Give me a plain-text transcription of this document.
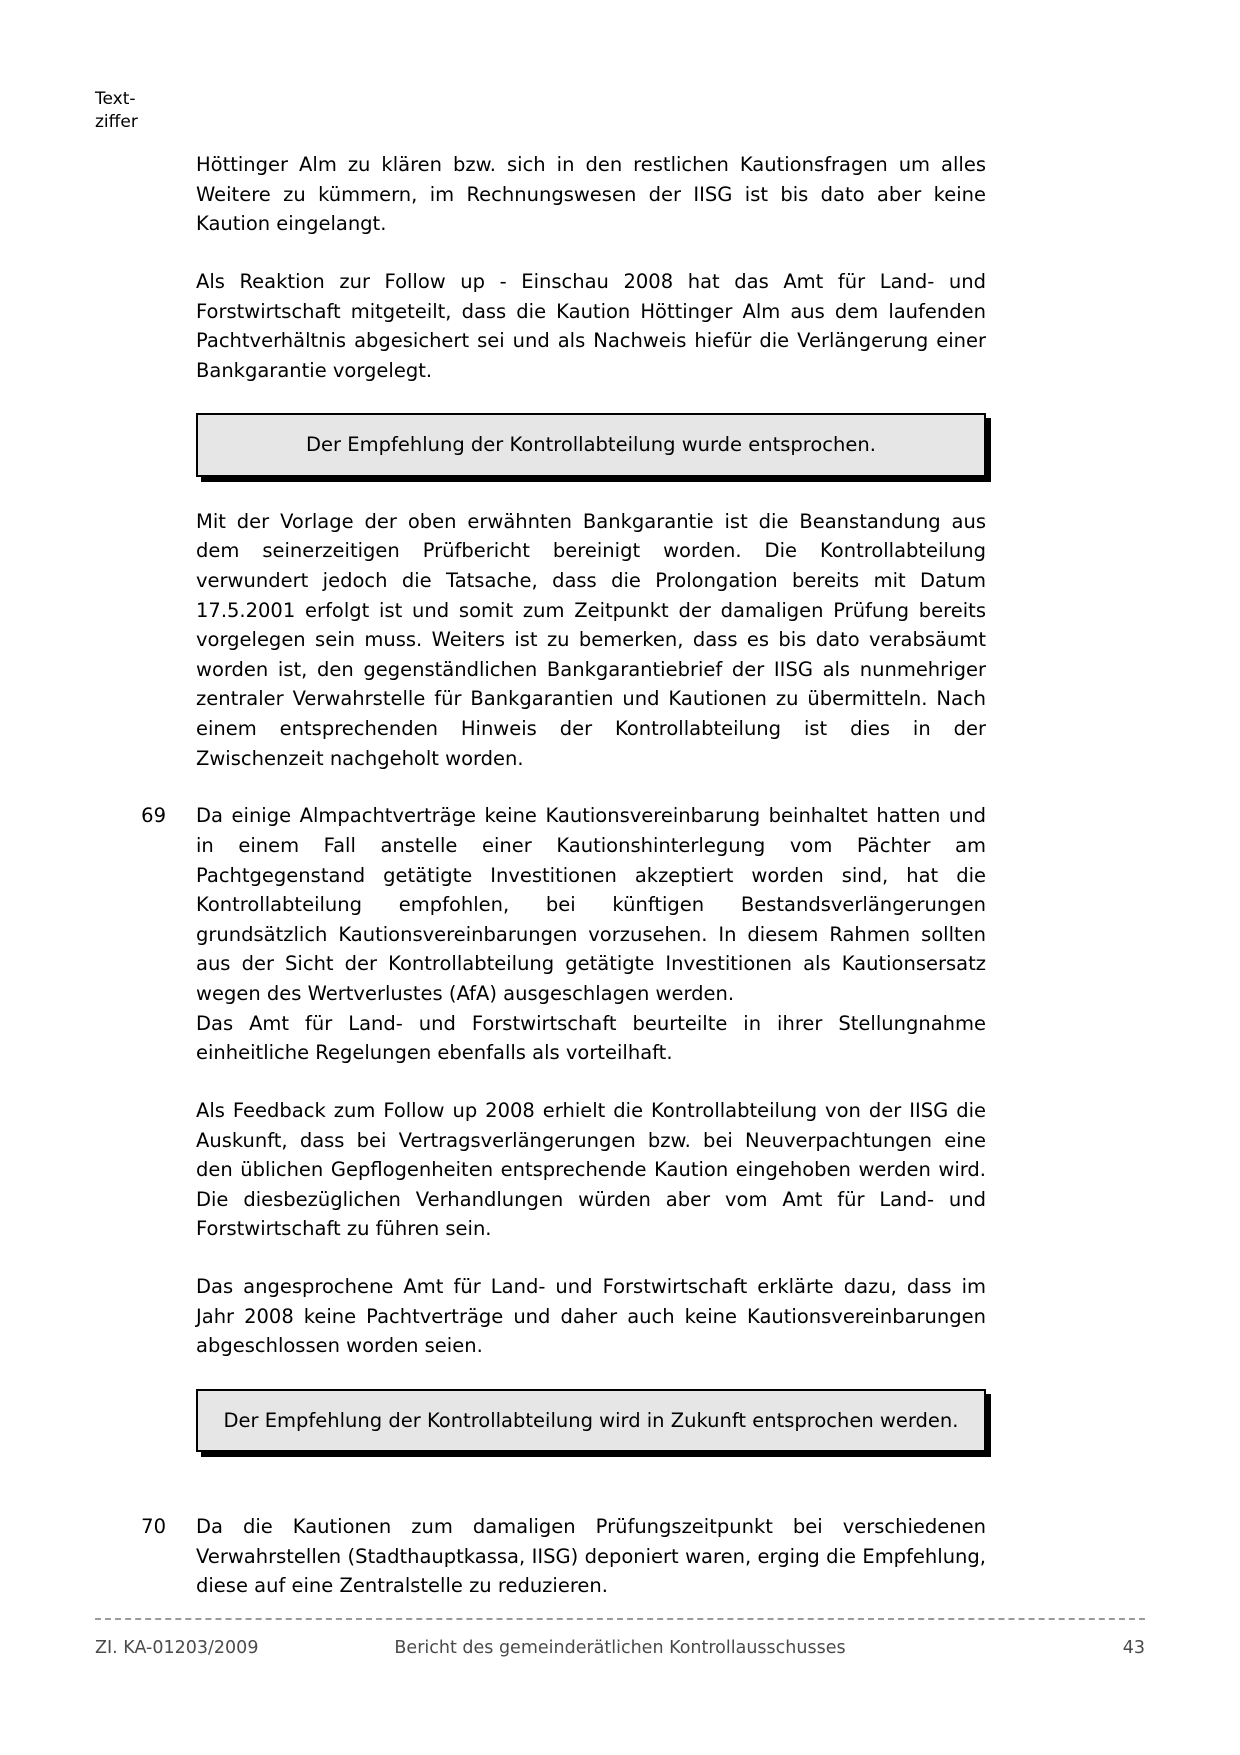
Text-
ziffer

Höttinger Alm zu klären bzw. sich in den restlichen Kautionsfragen um alles Weitere zu kümmern, im Rechnungswesen der IISG ist bis dato aber keine Kaution eingelangt.

Als Reaktion zur Follow up - Einschau 2008 hat das Amt für Land- und Forstwirtschaft mitgeteilt, dass die Kaution Höttinger Alm aus dem laufenden Pachtverhältnis abgesichert sei und als Nachweis hiefür die Verlängerung einer Bankgarantie vorgelegt.

Der Empfehlung der Kontrollabteilung wurde entsprochen.

Mit der Vorlage der oben erwähnten Bankgarantie ist die Beanstandung aus dem seinerzeitigen Prüfbericht bereinigt worden. Die Kontrollabteilung verwundert jedoch die Tatsache, dass die Prolongation bereits mit Datum 17.5.2001 erfolgt ist und somit zum Zeitpunkt der damaligen Prüfung bereits vorgelegen sein muss. Weiters ist zu bemerken, dass es bis dato verabsäumt worden ist, den gegenständlichen Bankgarantiebrief der IISG als nunmehriger zentraler Verwahrstelle für Bankgarantien und Kautionen zu übermitteln. Nach einem entsprechenden Hinweis der Kontrollabteilung ist dies in der Zwischenzeit nachgeholt worden.

69 Da einige Almpachtverträge keine Kautionsvereinbarung beinhaltet hatten und in einem Fall anstelle einer Kautionshinterlegung vom Pächter am Pachtgegenstand getätigte Investitionen akzeptiert worden sind, hat die Kontrollabteilung empfohlen, bei künftigen Bestandsverlängerungen grundsätzlich Kautionsvereinbarungen vorzusehen. In diesem Rahmen sollten aus der Sicht der Kontrollabteilung getätigte Investitionen als Kautionsersatz wegen des Wertverlustes (AfA) ausgeschlagen werden.

Das Amt für Land- und Forstwirtschaft beurteilte in ihrer Stellungnahme einheitliche Regelungen ebenfalls als vorteilhaft.

Als Feedback zum Follow up 2008 erhielt die Kontrollabteilung von der IISG die Auskunft, dass bei Vertragsverlängerungen bzw. bei Neuverpachtungen eine den üblichen Gepflogenheiten entsprechende Kaution eingehoben werden wird. Die diesbezüglichen Verhandlungen würden aber vom Amt für Land- und Forstwirtschaft zu führen sein.

Das angesprochene Amt für Land- und Forstwirtschaft erklärte dazu, dass im Jahr 2008 keine Pachtverträge und daher auch keine Kautionsvereinbarungen abgeschlossen worden seien.

Der Empfehlung der Kontrollabteilung wird in Zukunft entsprochen werden.
70 Da die Kautionen zum damaligen Prüfungszeitpunkt bei verschiedenen Verwahrstellen (Stadthauptkassa, IISG) deponiert waren, erging die Empfehlung, diese auf eine Zentralstelle zu reduzieren.

ZI. KA-01203/2009	Bericht des gemeinderätlichen Kontrollausschusses	43
